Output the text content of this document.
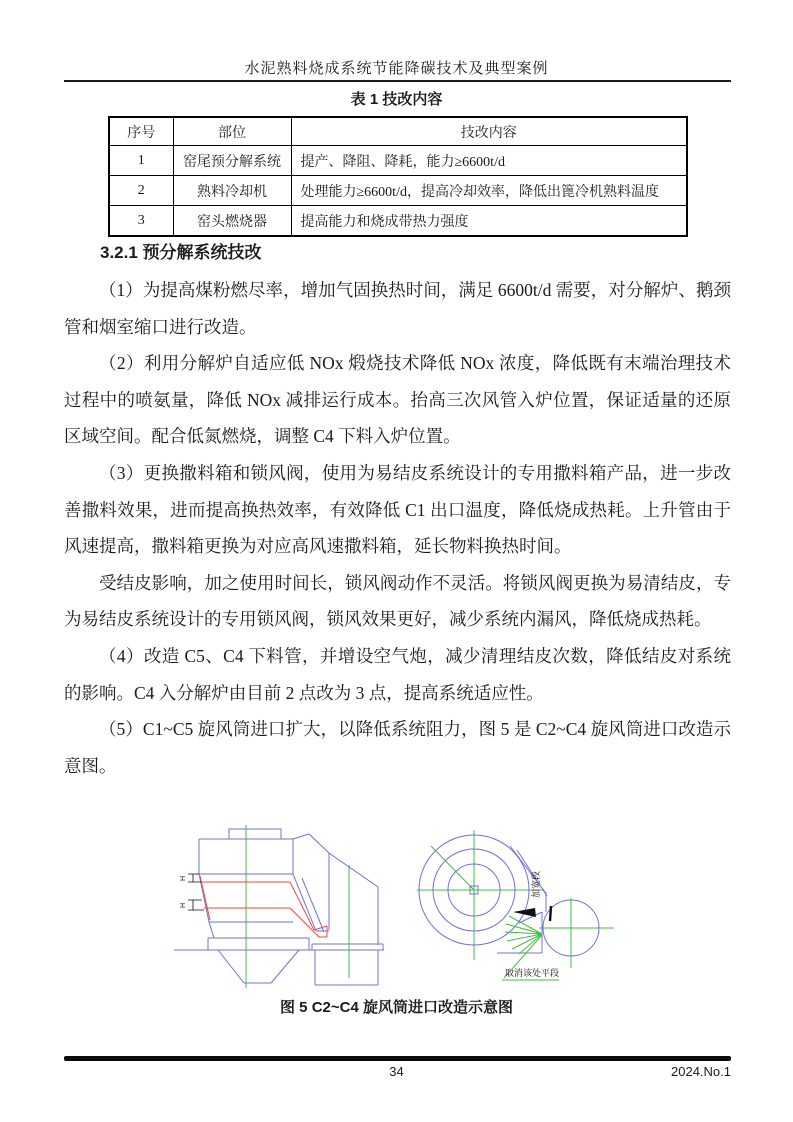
水泥熟料烧成系统节能降碳技术及典型案例
表 1 技改内容
序号	部位	技改内容
1	窑尾预分解系统	提产、降阻、降耗，能力≥6600t/d
2	熟料冷却机	处理能力≥6600t/d，提高冷却效率，降低出篦冷机熟料温度
3	窑头燃烧器	提高能力和烧成带热力强度
3.2.1 预分解系统技改

（1）为提高煤粉燃尽率，增加气固换热时间，满足 6600t/d 需要，对分解炉、鹅颈管和烟室缩口进行改造。

（2）利用分解炉自适应低 NOx 煅烧技术降低 NOx 浓度，降低既有末端治理技术过程中的喷氨量，降低 NOx 减排运行成本。抬高三次风管入炉位置，保证适量的还原区域空间。配合低氮燃烧，调整 C4 下料入炉位置。

（3）更换撒料箱和锁风阀，使用为易结皮系统设计的专用撒料箱产品，进一步改善撒料效果，进而提高换热效率，有效降低 C1 出口温度，降低烧成热耗。上升管由于风速提高，撒料箱更换为对应高风速撒料箱，延长物料换热时间。

受结皮影响，加之使用时间长，锁风阀动作不灵活。将锁风阀更换为易清结皮，专为易结皮系统设计的专用锁风阀，锁风效果更好，减少系统内漏风，降低烧成热耗。

（4）改造 C5、C4 下料管，并增设空气炮，减少清理结皮次数，降低结皮对系统的影响。C4 入分解炉由目前 2 点改为 3 点，提高系统适应性。

（5）C1~C5 旋风筒进口扩大，以降低系统阻力，图 5 是 C2~C4 旋风筒进口改造示意图。

H
H
加宽段
取消该处平段
图 5 C2~C4 旋风筒进口改造示意图
34	2024.No.1
